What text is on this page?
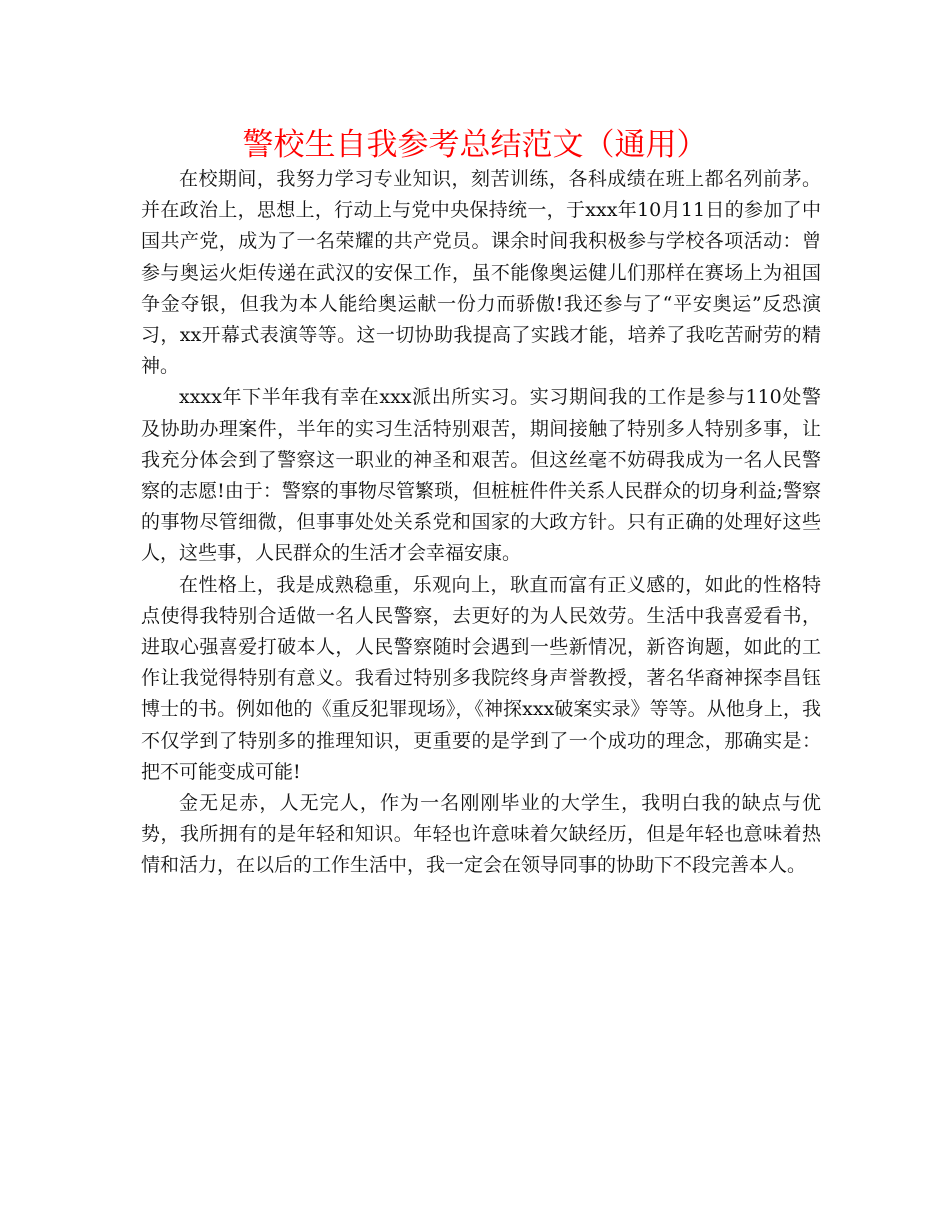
警校生自我参考总结范文（通用）

在校期间，我努力学习专业知识，刻苦训练，各科成绩在班上都名列前茅。并在政治上，思想上，行动上与党中央保持统一，于xxx年10月11日的参加了中国共产党，成为了一名荣耀的共产党员。课余时间我积极参与学校各项活动：曾参与奥运火炬传递在武汉的安保工作，虽不能像奥运健儿们那样在赛场上为祖国争金夺银，但我为本人能给奥运献一份力而骄傲!我还参与了“平安奥运”反恐演习，xx开幕式表演等等。这一切协助我提高了实践才能，培养了我吃苦耐劳的精神。

xxxx年下半年我有幸在xxx派出所实习。实习期间我的工作是参与110处警及协助办理案件，半年的实习生活特别艰苦，期间接触了特别多人特别多事，让我充分体会到了警察这一职业的神圣和艰苦。但这丝毫不妨碍我成为一名人民警察的志愿!由于：警察的事物尽管繁琐，但桩桩件件关系人民群众的切身利益;警察的事物尽管细微，但事事处处关系党和国家的大政方针。只有正确的处理好这些人，这些事，人民群众的生活才会幸福安康。

在性格上，我是成熟稳重，乐观向上，耿直而富有正义感的，如此的性格特点使得我特别合适做一名人民警察，去更好的为人民效劳。生活中我喜爱看书，进取心强喜爱打破本人，人民警察随时会遇到一些新情况，新咨询题，如此的工作让我觉得特别有意义。我看过特别多我院终身声誉教授，著名华裔神探李昌钰博士的书。例如他的《重反犯罪现场》，《神探xxx破案实录》等等。从他身上，我不仅学到了特别多的推理知识，更重要的是学到了一个成功的理念，那确实是：把不可能变成可能!

金无足赤，人无完人，作为一名刚刚毕业的大学生，我明白我的缺点与优势，我所拥有的是年轻和知识。年轻也许意味着欠缺经历，但是年轻也意味着热情和活力，在以后的工作生活中，我一定会在领导同事的协助下不段完善本人。
